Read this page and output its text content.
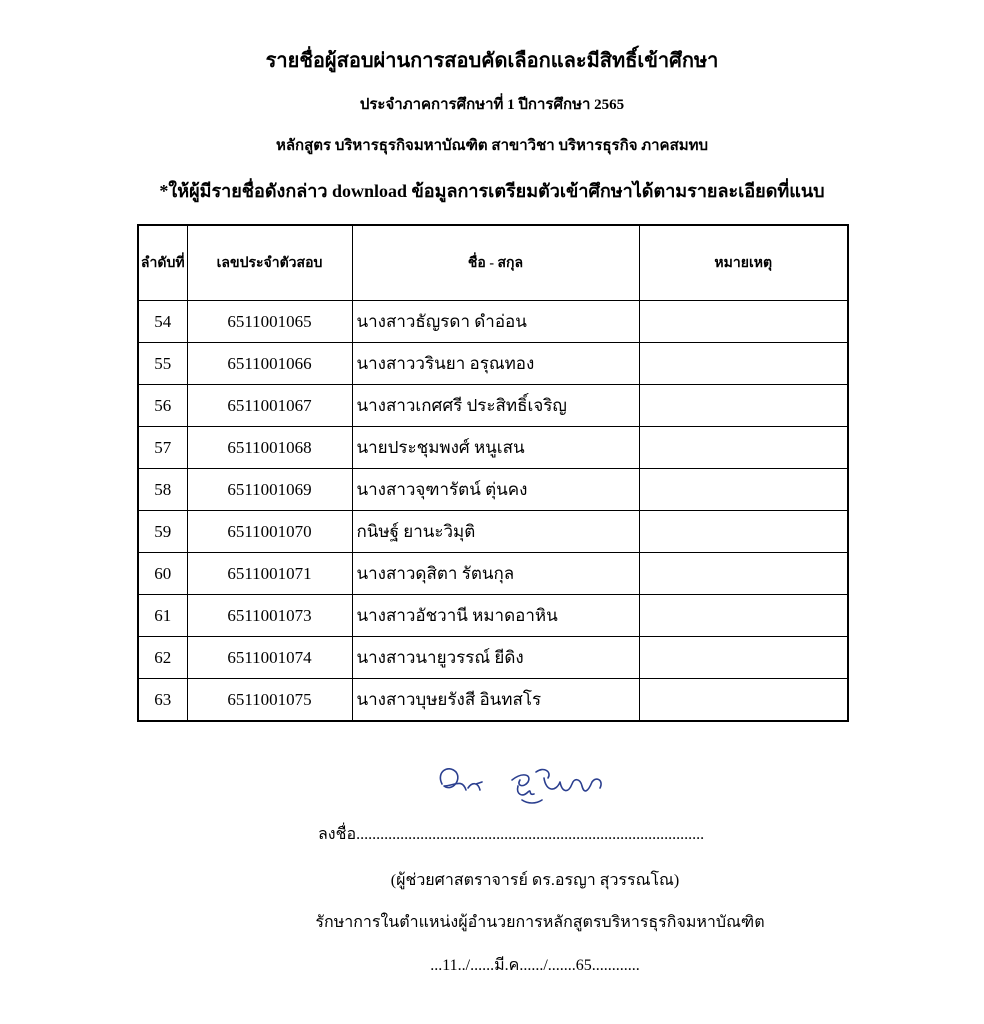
รายชื่อผู้สอบผ่านการสอบคัดเลือกและมีสิทธิ์เข้าศึกษา
ประจำภาคการศึกษาที่ 1 ปีการศึกษา 2565
หลักสูตร บริหารธุรกิจมหาบัณฑิต สาขาวิชา บริหารธุรกิจ ภาคสมทบ
*ให้ผู้มีรายชื่อดังกล่าว download ข้อมูลการเตรียมตัวเข้าศึกษาได้ตามรายละเอียดที่แนบ
ลำดับที่	เลขประจำตัวสอบ	ชื่อ - สกุล	หมายเหตุ
54	6511001065	นางสาวธัญรดา ดำอ่อน	
55	6511001066	นางสาววรินยา อรุณทอง	
56	6511001067	นางสาวเกศศรี ประสิทธิ์เจริญ	
57	6511001068	นายประชุมพงศ์ หนูเสน	
58	6511001069	นางสาวจุฑารัตน์ ตุ่นคง	
59	6511001070	กนิษฐ์ ยานะวิมุติ	
60	6511001071	นางสาวดุสิตา รัตนกุล	
61	6511001073	นางสาวอัชวานี หมาดอาหิน	
62	6511001074	นางสาวนายูวรรณ์ ยีดิง	
63	6511001075	นางสาวบุษยรังสี อินทสโร	
ลงชื่อ.......................................................................................
(ผู้ช่วยศาสตราจารย์ ดร.อรญา สุวรรณโณ)
รักษาการในตำแหน่งผู้อำนวยการหลักสูตรบริหารธุรกิจมหาบัณฑิต
...11../......มี.ค....../.......65............
